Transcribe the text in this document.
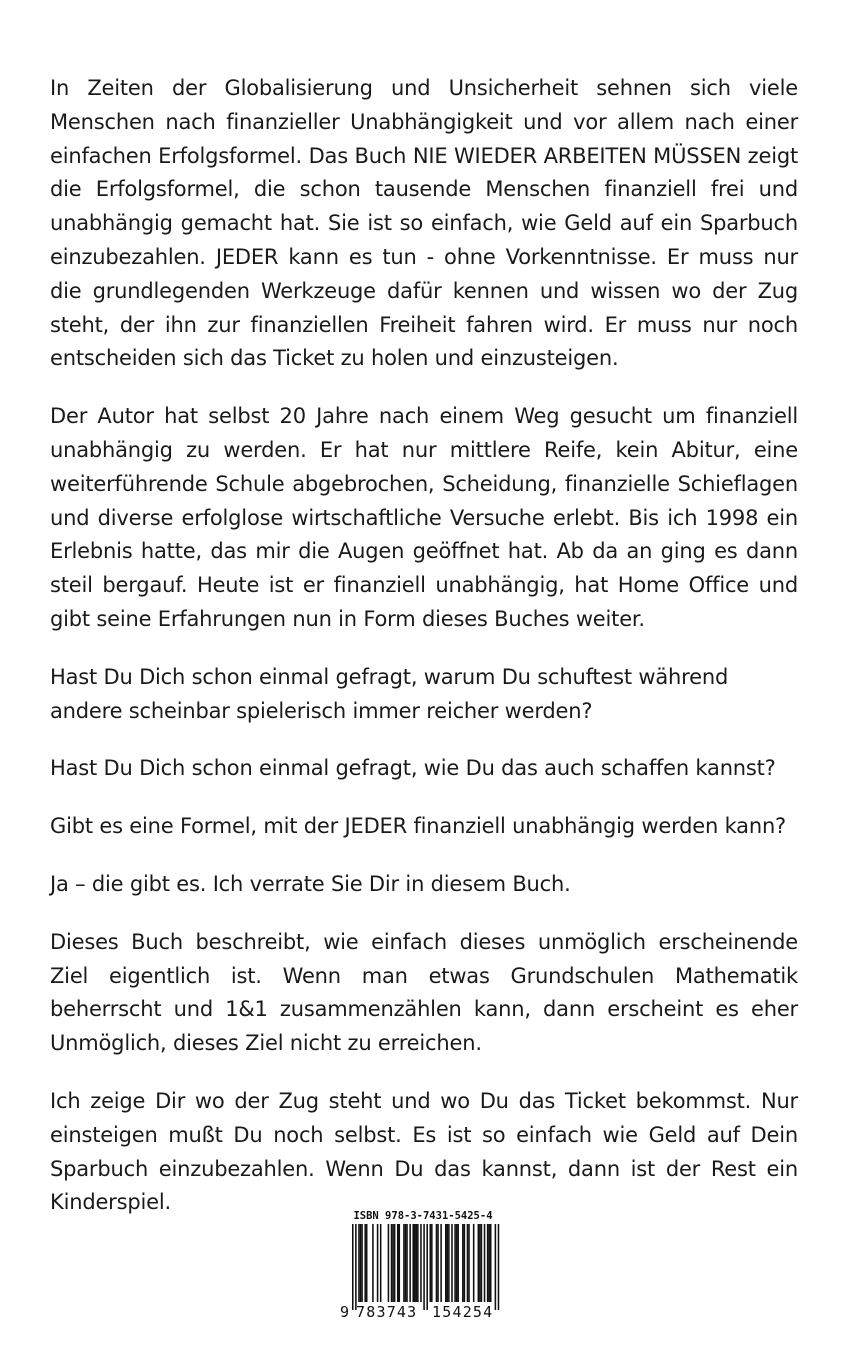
In Zeiten der Globalisierung und Unsicherheit sehnen sich viele Menschen nach finanzieller Unabhängigkeit und vor allem nach einer einfachen Erfolgsformel. Das Buch NIE WIEDER ARBEITEN MÜSSEN zeigt die Erfolgsformel, die schon tausende Menschen finanziell frei und unabhängig gemacht hat. Sie ist so einfach, wie Geld auf ein Sparbuch einzubezahlen. JEDER kann es tun - ohne Vorkenntnisse. Er muss nur die grundlegenden Werkzeuge dafür kennen und wissen wo der Zug steht, der ihn zur finanziellen Freiheit fahren wird. Er muss nur noch entscheiden sich das Ticket zu holen und einzusteigen.

Der Autor hat selbst 20 Jahre nach einem Weg gesucht um finanziell unabhängig zu werden. Er hat nur mittlere Reife, kein Abitur, eine weiterführende Schule abgebrochen, Scheidung, finanzielle Schieflagen und diverse erfolglose wirtschaftliche Versuche erlebt. Bis ich 1998 ein Erlebnis hatte, das mir die Augen geöffnet hat. Ab da an ging es dann steil bergauf. Heute ist er finanziell unabhängig, hat Home Office und gibt seine Erfahrungen nun in Form dieses Buches weiter.

Hast Du Dich schon einmal gefragt, warum Du schuftest während andere scheinbar spielerisch immer reicher werden?

Hast Du Dich schon einmal gefragt, wie Du das auch schaffen kannst?

Gibt es eine Formel, mit der JEDER finanziell unabhängig werden kann?

Ja – die gibt es. Ich verrate Sie Dir in diesem Buch.

Dieses Buch beschreibt, wie einfach dieses unmöglich erscheinende Ziel eigentlich ist. Wenn man etwas Grundschulen Mathematik beherrscht und 1&1 zusammenzählen kann, dann erscheint es eher Unmöglich, dieses Ziel nicht zu erreichen.

Ich zeige Dir wo der Zug steht und wo Du das Ticket bekommst. Nur einsteigen mußt Du noch selbst. Es ist so einfach wie Geld auf Dein Sparbuch einzubezahlen. Wenn Du das kannst, dann ist der Rest ein Kinderspiel.

ISBN 978-3-7431-5425-4
9 783743 154254
